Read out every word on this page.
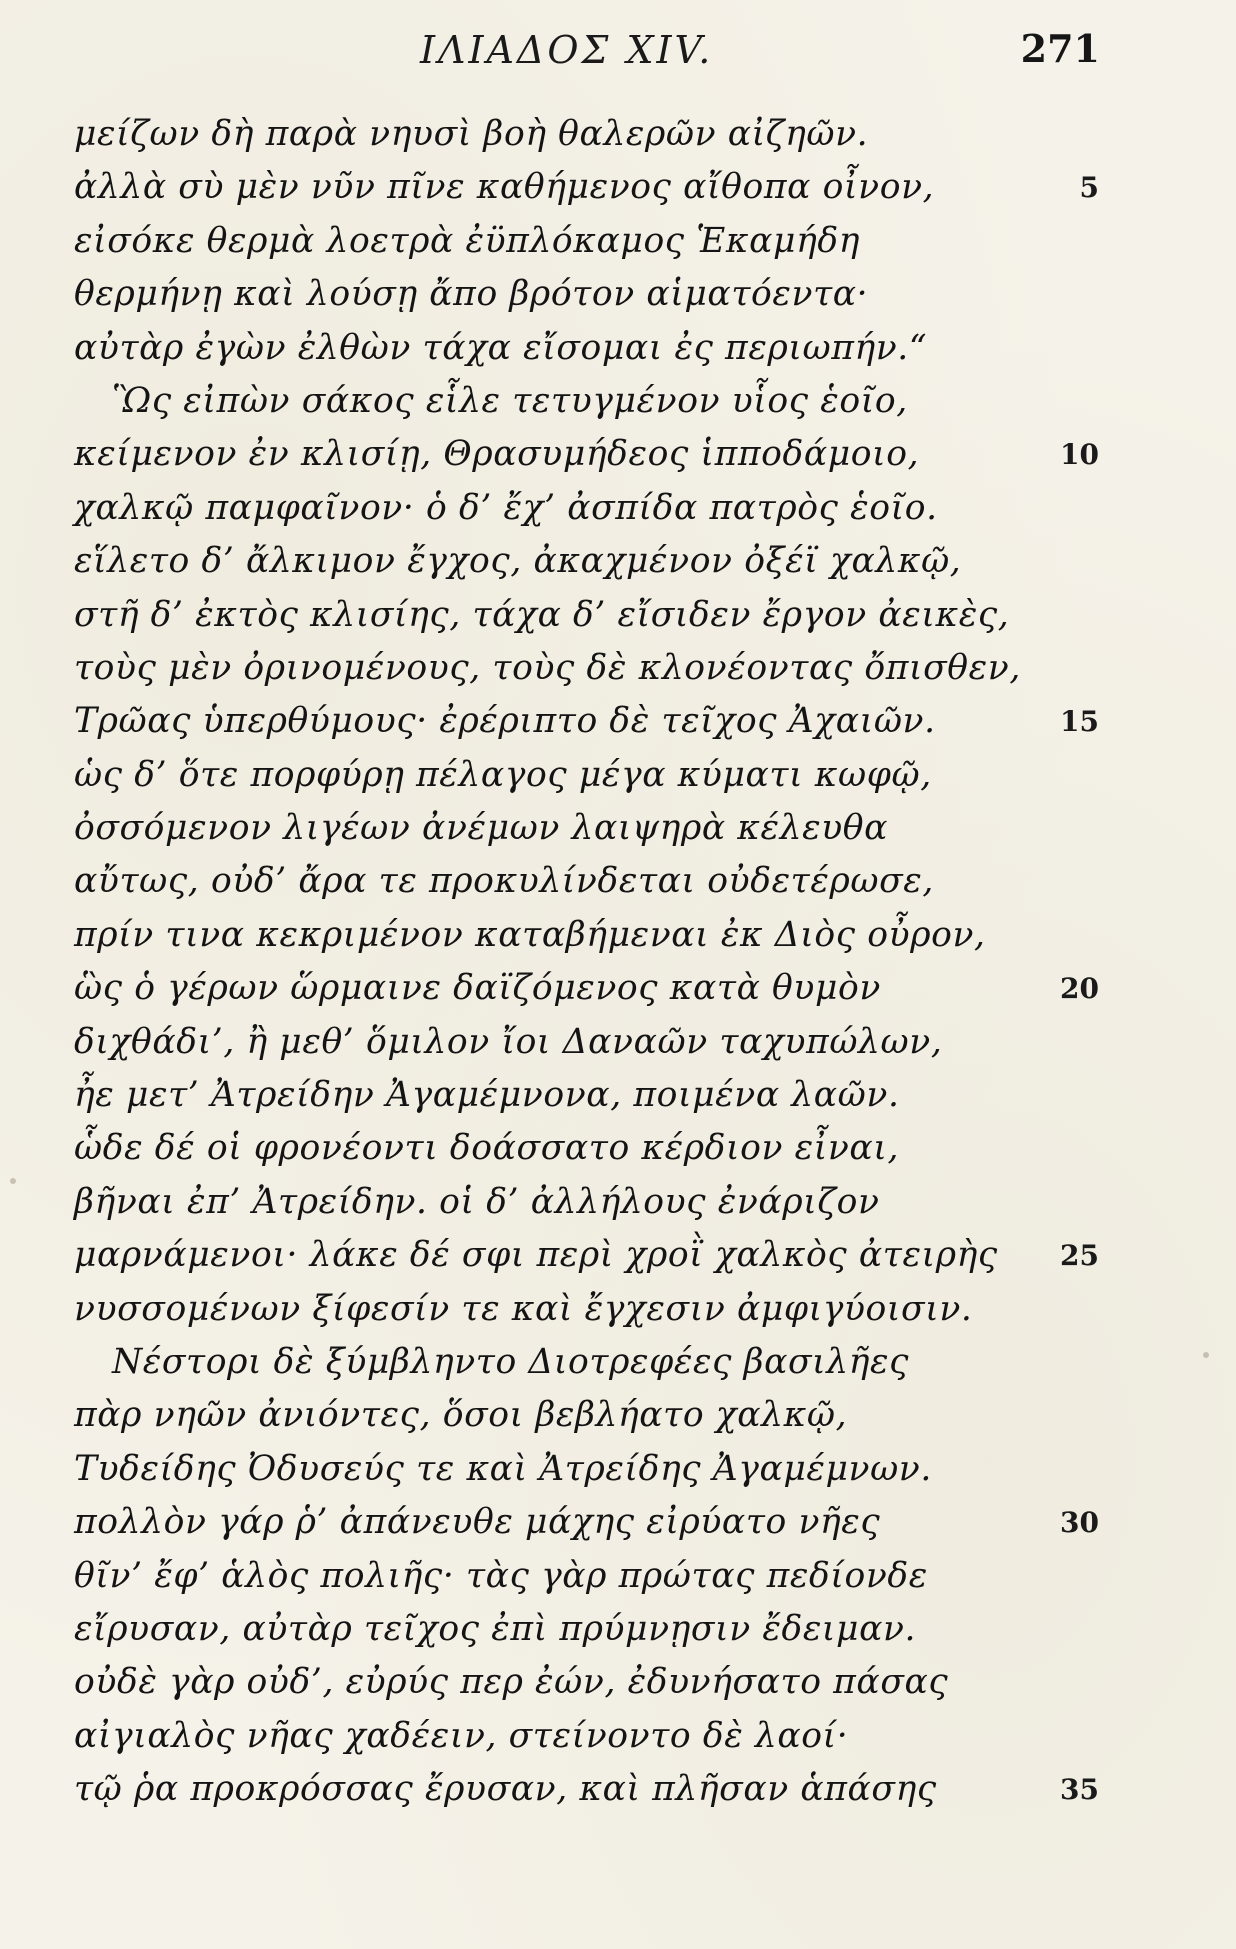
ΙΛΙΑΔΟΣ XIV.	271
μείζων δὴ παρὰ νηυσὶ βοὴ θαλερῶν αἰζηῶν.
ἀλλὰ σὺ μὲν νῦν πῖνε καθήμενος αἴθοπα οἶνον,	5
εἰσόκε θερμὰ λοετρὰ ἐϋπλόκαμος Ἑκαμήδη
θερμήνῃ καὶ λούσῃ ἄπο βρότον αἱματόεντα·
αὐτὰρ ἐγὼν ἐλθὼν τάχα εἴσομαι ἐς περιωπήν.“
Ὣς εἰπὼν σάκος εἷλε τετυγμένον υἷος ἑοῖο,
κείμενον ἐν κλισίῃ, Θρασυμήδεος ἱπποδάμοιο,	10
χαλκῷ παμφαῖνον· ὁ δ’ ἔχ’ ἀσπίδα πατρὸς ἑοῖο.
εἵλετο δ’ ἄλκιμον ἔγχος, ἀκαχμένον ὀξέϊ χαλκῷ,
στῆ δ’ ἐκτὸς κλισίης, τάχα δ’ εἴσιδεν ἔργον ἀεικὲς,
τοὺς μὲν ὀρινομένους, τοὺς δὲ κλονέοντας ὄπισθεν,
Τρῶας ὑπερθύμους· ἐρέριπτο δὲ τεῖχος Ἀχαιῶν.	15
ὡς δ’ ὅτε πορφύρῃ πέλαγος μέγα κύματι κωφῷ,
ὀσσόμενον λιγέων ἀνέμων λαιψηρὰ κέλευθα
αὔτως, οὐδ’ ἄρα τε προκυλίνδεται οὐδετέρωσε,
πρίν τινα κεκριμένον καταβήμεναι ἐκ Διὸς οὖρον,
ὣς ὁ γέρων ὥρμαινε δαϊζόμενος κατὰ θυμὸν	20
διχθάδι’, ἢ μεθ’ ὅμιλον ἴοι Δαναῶν ταχυπώλων,
ἦε μετ’ Ἀτρείδην Ἀγαμέμνονα, ποιμένα λαῶν.
ὧδε δέ οἱ φρονέοντι δοάσσατο κέρδιον εἶναι,
βῆναι ἐπ’ Ἀτρείδην. οἱ δ’ ἀλλήλους ἐνάριζον
μαρνάμενοι· λάκε δέ σφι περὶ χροῒ χαλκὸς ἀτειρὴς 25
νυσσομένων ξίφεσίν τε καὶ ἔγχεσιν ἀμφιγύοισιν.
Νέστορι δὲ ξύμβληντο Διοτρεφέες βασιλῆες
πὰρ νηῶν ἀνιόντες, ὅσοι βεβλήατο χαλκῷ,
Τυδείδης Ὀδυσεύς τε καὶ Ἀτρείδης Ἀγαμέμνων.
πολλὸν γάρ ῥ’ ἀπάνευθε μάχης εἰρύατο νῆες	30
θῖν’ ἔφ’ ἁλὸς πολιῆς· τὰς γὰρ πρώτας πεδίονδε
εἴρυσαν, αὐτὰρ τεῖχος ἐπὶ πρύμνῃσιν ἔδειμαν.
οὐδὲ γὰρ οὐδ’, εὐρύς περ ἐών, ἐδυνήσατο πάσας
αἰγιαλὸς νῆας χαδέειν, στείνοντο δὲ λαοί·
τῷ ῥα προκρόσσας ἔρυσαν, καὶ πλῆσαν ἁπάσης	35
